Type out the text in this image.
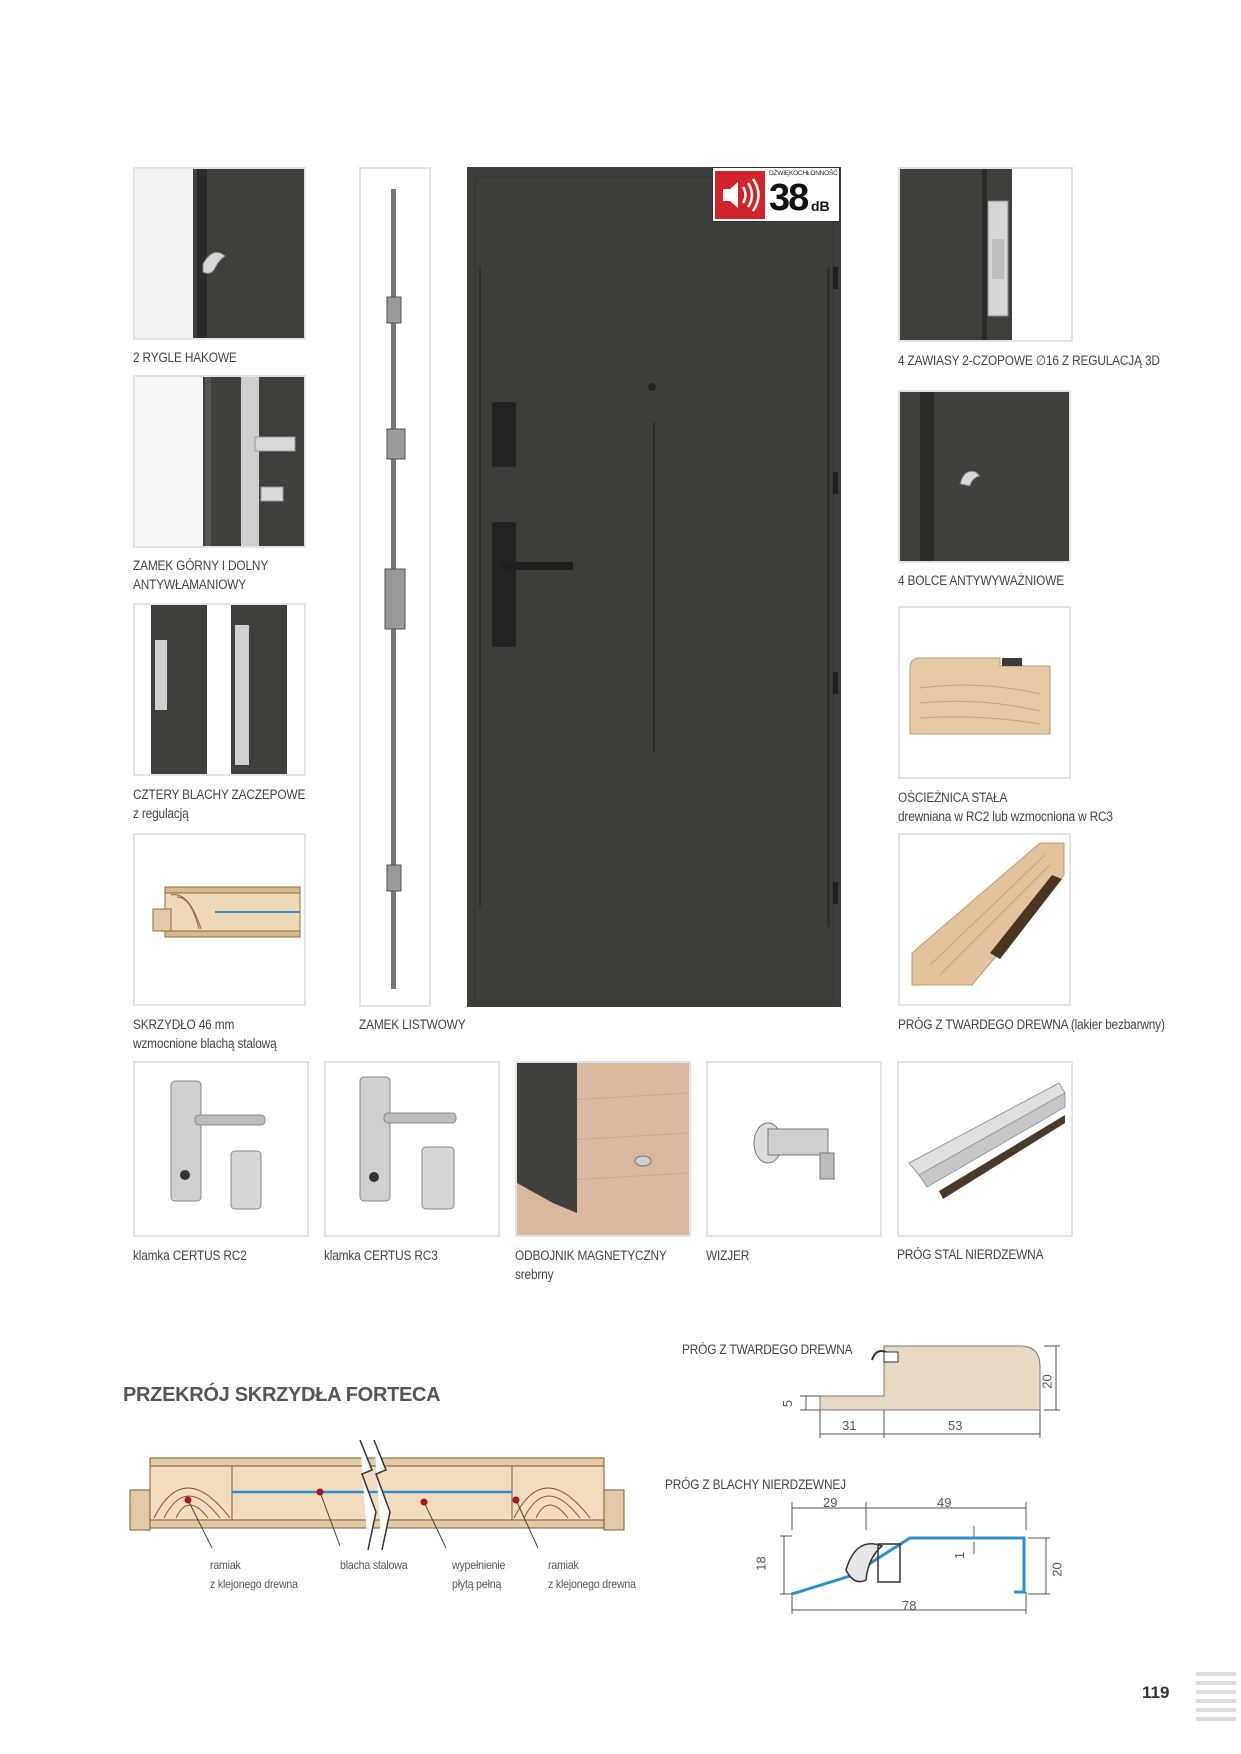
2 RYGLE HAKOWE
ZAMEK GÓRNY I DOLNY
ANTYWŁAMANIOWY
CZTERY BLACHY ZACZEPOWE
z regulacją
SKRZYDŁO 46 mm
wzmocnione blachą stalową
ZAMEK LISTWOWY
DŹWIĘKOCHŁONNOŚĆ
38 dB
4 ZAWIASY 2-CZOPOWE ∅16 Z REGULACJĄ 3D
4 BOLCE ANTYWYWAŻNIOWE
OŚCIEŻNICA STAŁA
drewniana w RC2 lub wzmocniona w RC3
PRÓG Z TWARDEGO DREWNA (lakier bezbarwny)
klamka CERTUS RC2	klamka CERTUS RC3	ODBOJNIK MAGNETYCZNY
srebrny
WIZJER	PRÓG STAL NIERDZEWNA
PRZEKRÓJ SKRZYDŁA FORTECA
ramiak
z klejonego drewna
blacha stalowa	wypełnienie
płytą pełną
ramiak
z klejonego drewna
PRÓG Z TWARDEGO DREWNA
5
31	53
20
PRÓG Z BLACHY NIERDZEWNEJ
29	49
18
1
20
78
119
